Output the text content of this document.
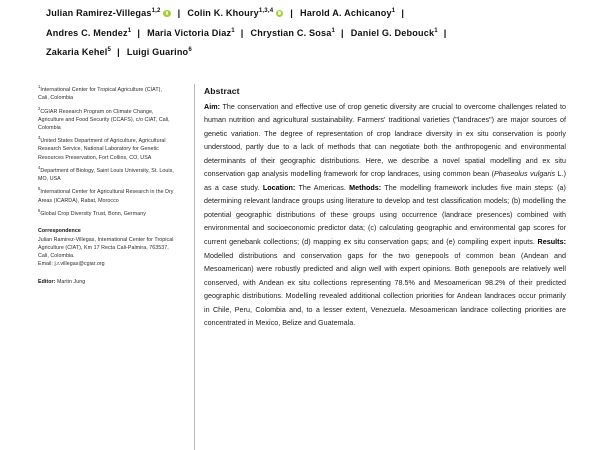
Julian Ramirez-Villegas$^{1,2}$ | Colin K. Khoury$^{1,3,4}$ | Harold A. Achicanoy$^1$ |
Andres C. Mendez$^1$ | Maria Victoria Diaz$^1$ | Chrystian C. Sosa$^1$ | Daniel G. Debouck$^1$ |
Zakaria Kehel$^5$ | Luigi Guarino$^6$
$^1$International Center for Tropical Agriculture (CIAT), Cali, Colombia
$^2$CGIAR Research Program on Climate Change, Agriculture and Food Security (CCAFS), c/o CIAT, Cali, Colombia
$^3$United States Department of Agriculture, Agricultural Research Service, National Laboratory for Genetic Resources Preservation, Fort Collins, CO, USA
$^4$Department of Biology, Saint Louis University, St. Louis, MO, USA
$^5$International Center for Agricultural Research in the Dry Areas (ICARDA), Rabat, Morocco
$^6$Global Crop Diversity Trust, Bonn, Germany
Correspondence
Julian Ramirez-Villegas, International Center for Tropical Agriculture (CIAT), Km 17 Recta Cali-Palmira, 763537, Cali, Colombia.
Email: j.r.villegas@cgiar.org
Editor: Martin Jung
Abstract

Aim: The conservation and effective use of crop genetic diversity are crucial to overcome challenges related to human nutrition and agricultural sustainability. Farmers' traditional varieties ("landraces") are major sources of genetic variation. The degree of representation of crop landrace diversity in ex situ conservation is poorly understood, partly due to a lack of methods that can negotiate both the anthropogenic and environmental determinants of their geographic distributions. Here, we describe a novel spatial modelling and ex situ conservation gap analysis modelling framework for crop landraces, using common bean (Phaseolus vulgaris L.) as a case study. Location: The Americas. Methods: The modelling framework includes five main steps: (a) determining relevant landrace groups using literature to develop and test classification models; (b) modelling the potential geographic distributions of these groups using occurrence (landrace presences) combined with environmental and socioeconomic predictor data; (c) calculating geographic and environmental gap scores for current genebank collections; (d) mapping ex situ conservation gaps; and (e) compiling expert inputs. Results: Modelled distributions and conservation gaps for the two genepools of common bean (Andean and Mesoamerican) were robustly predicted and align well with expert opinions. Both genepools are relatively well conserved, with Andean ex situ collections representing 78.5% and Mesoamerican 98.2% of their predicted geographic distributions. Modelling revealed additional collection priorities for Andean landraces occur primarily in Chile, Peru, Colombia and, to a lesser extent, Venezuela. Mesoamerican landrace collecting priorities are concentrated in Mexico, Belize and Guatemala.
